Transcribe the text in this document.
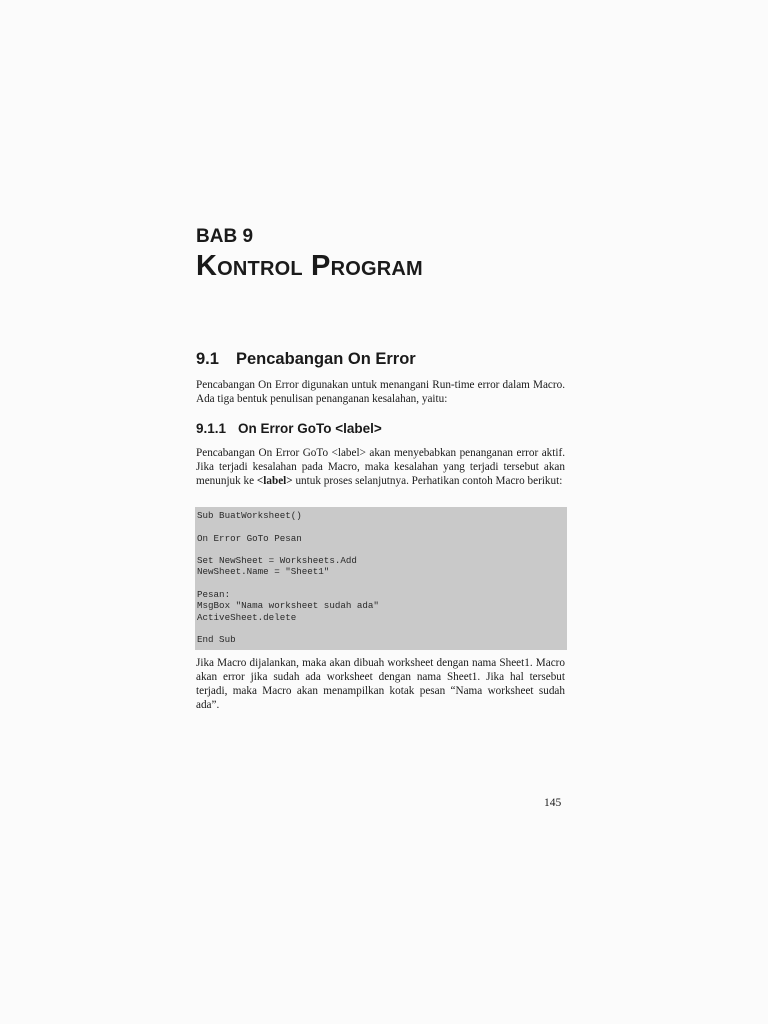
BAB 9
Kontrol Program
9.1 Pencabangan On Error

Pencabangan On Error digunakan untuk menangani Run-time error dalam Macro. Ada tiga bentuk penulisan penanganan kesalahan, yaitu:

9.1.1 On Error GoTo <label>

Pencabangan On Error GoTo <label> akan menyebabkan penanganan error aktif. Jika terjadi kesalahan pada Macro, maka kesalahan yang terjadi tersebut akan menunjuk ke <label> untuk proses selanjutnya. Perhatikan contoh Macro berikut:

Sub BuatWorksheet()
On Error GoTo Pesan
Set NewSheet = Worksheets.Add
NewSheet.Name = "Sheet1"
Pesan:
MsgBox "Nama worksheet sudah ada"
ActiveSheet.delete
End Sub

Jika Macro dijalankan, maka akan dibuah worksheet dengan nama Sheet1. Macro akan error jika sudah ada worksheet dengan nama Sheet1. Jika hal tersebut terjadi, maka Macro akan menampilkan kotak pesan “Nama worksheet sudah ada”.

145
